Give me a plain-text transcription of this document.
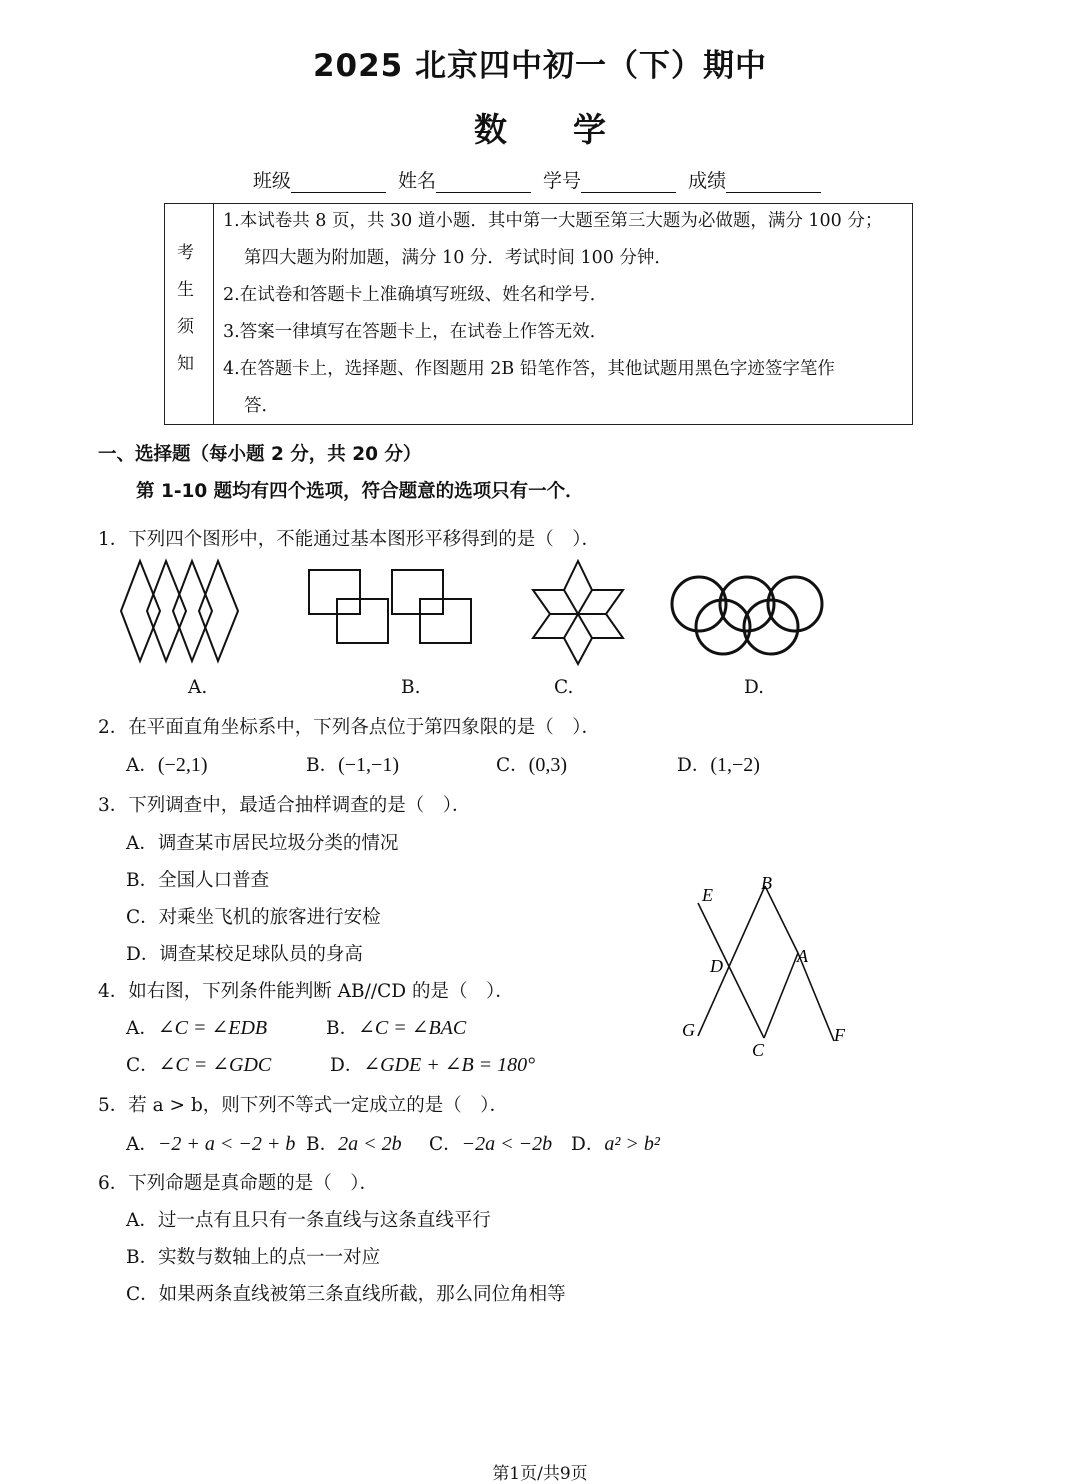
2025 北京四中初一（下）期中
数　　学
班级	姓名	学号	成绩
考
生
须
知
1.本试卷共 8 页，共 30 道小题．其中第一大题至第三大题为必做题，满分 100 分；
第四大题为附加题，满分 10 分．考试时间 100 分钟．
2.在试卷和答题卡上准确填写班级、姓名和学号．
3.答案一律填写在答题卡上，在试卷上作答无效．
4.在答题卡上，选择题、作图题用 2B 铅笔作答，其他试题用黑色字迹签字笔作
答．
一、选择题（每小题 2 分，共 20 分）
第 1-10 题均有四个选项，符合题意的选项只有一个．
1．下列四个图形中，不能通过基本图形平移得到的是（　）．
A.	B.	C.	D.
2．在平面直角坐标系中，下列各点位于第四象限的是（　）．
A．(−2,1)	B．(−1,−1)	C．(0,3)	D．(1,−2)
3．下列调查中，最适合抽样调查的是（　）．
A．调查某市居民垃圾分类的情况
B．全国人口普查
C．对乘坐飞机的旅客进行安检
D．调查某校足球队员的身高
E
B
D	A
G
C
F
4．如右图，下列条件能判断 AB//CD 的是（　）．
A．∠C = ∠EDB	B．∠C = ∠BAC
C．∠C = ∠GDC	D．∠GDE + ∠B = 180°
5．若 a > b，则下列不等式一定成立的是（　）．
A．−2 + a < −2 + b B．2a < 2b C．−2a < −2b D．a² > b²
6．下列命题是真命题的是（　）．
A．过一点有且只有一条直线与这条直线平行
B．实数与数轴上的点一一对应
C．如果两条直线被第三条直线所截，那么同位角相等
第1页/共9页
